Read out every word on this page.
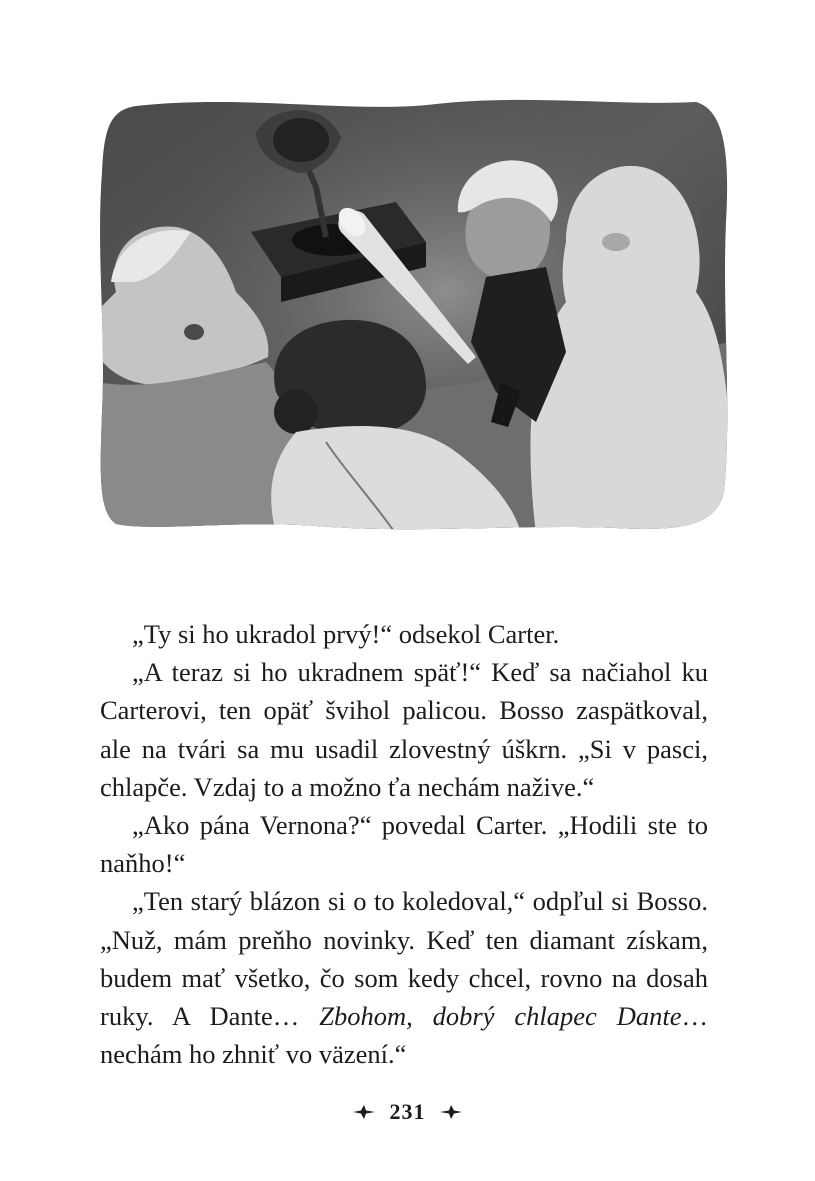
„Ty si ho ukradol prvý!“ odsekol Carter.

„A teraz si ho ukradnem späť!“ Keď sa načiahol ku Carterovi, ten opäť švihol palicou. Bosso zaspätkoval, ale na tvári sa mu usadil zlovestný úškrn. „Si v pasci, chlapče. Vzdaj to a možno ťa nechám naživе.“

„Ako pána Vernona?“ povedal Carter. „Hodili ste to naňho!“

„Ten starý blázon si o to koledoval,“ odpľul si Bosso. „Nuž, mám preňho novinky. Keď ten diamant získam, budem mať všetko, čo som kedy chcel, rovno na dosah ruky. A Dante… Zbohom, dobrý chlapec Dante… nechám ho zhniť vo väzení.“

231
